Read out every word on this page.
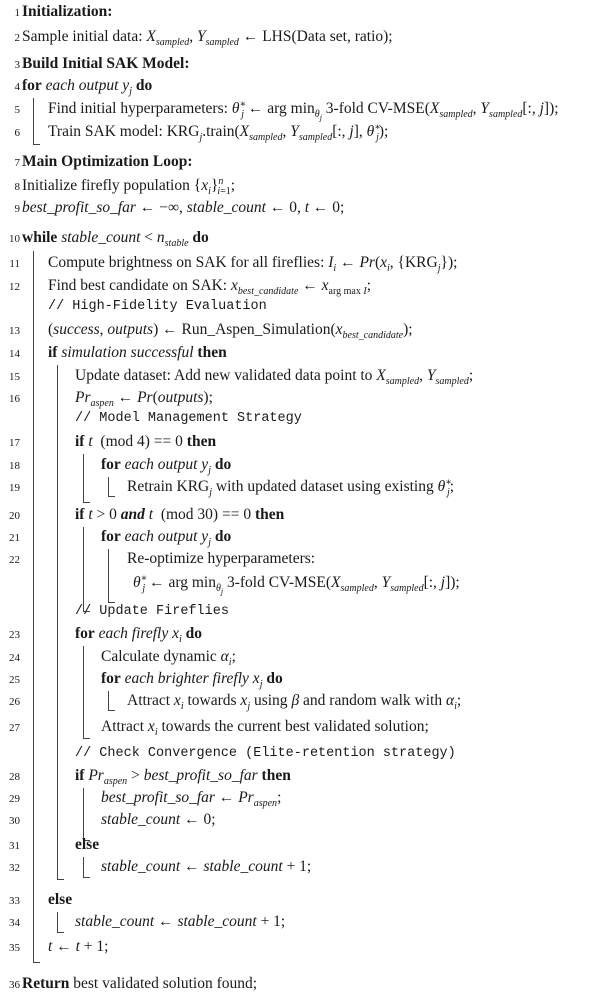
1 Initialization:
2 Sample initial data: $X_{sampled}$, $Y_{sampled}$ ← LHS(Data set, ratio);
3 Build Initial SAK Model:
4 for each output $y_j$ do
5 Find initial hyperparameters: $\theta^∗_j$ ← arg $\min_{\theta_j}$ 3-fold $CV-MSE(X_{sampled}$, $Y_{sampled}$[:, j]);
6 Train SAK model: $KRG_j.train(X_{sampled}$, $Y_{sampled}$[:, j], $\theta^∗_j$);
7 Main Optimization Loop:
8 Initialize firefly population $\{x_i\}^n_{i=1}$;
9 best_profit_so_far ← −∞, stable_count ← 0, t ← 0;
10 while stable_count < $n_{stable}$ do
11 Compute brightness on SAK for all fireflies: $I_i$ ← $Pr(x_i$, $\{KRG_j\}$);
12 Find best candidate on SAK: $x_{best\_candidate}$ ← $x_{arg max I}$;
// High-Fidelity Evaluation
13 (success, outputs) ← $Run\_Aspen\_Simulation(x_{best\_candidate})$;
14 if simulation successful then
15	Update dataset: Add new validated data point to $X_{sampled}$, $Y_{sampled}$;
16	$Pr_{aspen}$ ← Pr(outputs);
// Model Management Strategy
17	if t  (mod 4) == 0 then
18	for each output $y_j$ do
19	Retrain $KRG_j$ with updated dataset using existing $\theta^∗_j$;
20	if t > 0 and t  (mod 30) == 0 then
21	for each output $y_j$ do
22	Re-optimize hyperparameters:
$\theta^∗_j$ ← arg $\min_{\theta_j}$ 3-fold $CV-MSE(X_{sampled}$, $Y_{sampled}$[:, j]);
// Update Fireflies
23	for each firefly $x_i$ do
24	Calculate dynamic $\alpha_i$;
25	for each brighter firefly $x_j$ do
26	Attract $x_i$ towards $x_j$ using β and random walk with $\alpha_i$;
27	Attract $x_i$ towards the current best validated solution;
// Check Convergence (Elite-retention strategy)
28	if $Pr_{aspen}$ > best_profit_so_far then
29	best_profit_so_far ← $Pr_{aspen}$;
30	stable_count ← 0;
31	else
32	stable_count ← stable_count + 1;
33 else
34	stable_count ← stable_count + 1;
35 t ← t + 1;
36 Return best validated solution found;
